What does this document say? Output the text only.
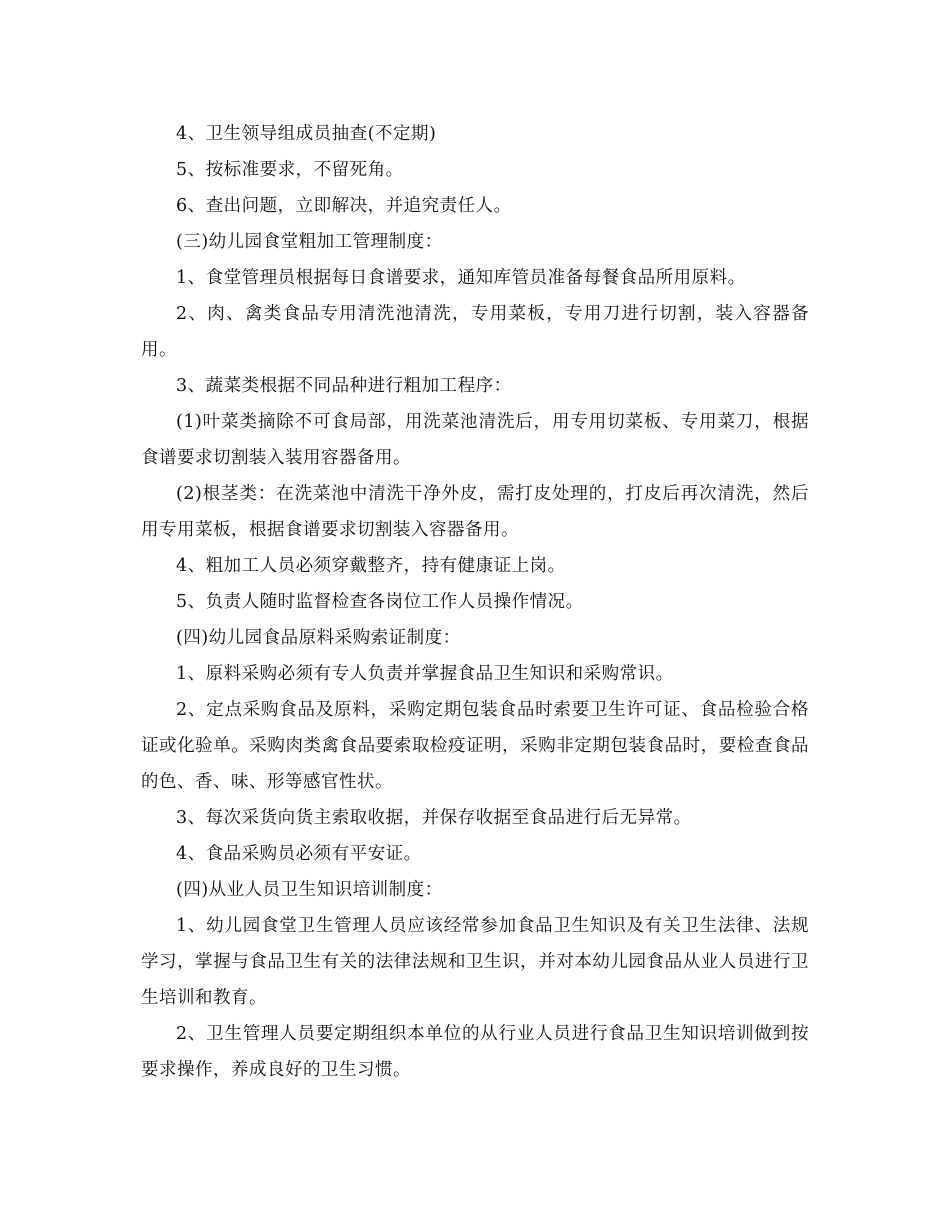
4、卫生领导组成员抽查(不定期)

5、按标准要求，不留死角。

6、查出问题，立即解决，并追究责任人。

(三)幼儿园食堂粗加工管理制度：

1、食堂管理员根据每日食谱要求，通知库管员准备每餐食品所用原料。

2、肉、禽类食品专用清洗池清洗，专用菜板，专用刀进行切割，装入容器备用。

3、蔬菜类根据不同品种进行粗加工程序：

(1)叶菜类摘除不可食局部，用洗菜池清洗后，用专用切菜板、专用菜刀，根据食谱要求切割装入装用容器备用。

(2)根茎类：在洗菜池中清洗干净外皮，需打皮处理的，打皮后再次清洗，然后用专用菜板，根据食谱要求切割装入容器备用。

4、粗加工人员必须穿戴整齐，持有健康证上岗。

5、负责人随时监督检查各岗位工作人员操作情况。

(四)幼儿园食品原料采购索证制度：

1、原料采购必须有专人负责并掌握食品卫生知识和采购常识。

2、定点采购食品及原料，采购定期包装食品时索要卫生许可证、食品检验合格证或化验单。采购肉类禽食品要索取检疫证明，采购非定期包装食品时，要检查食品的色、香、味、形等感官性状。

3、每次采货向货主索取收据，并保存收据至食品进行后无异常。

4、食品采购员必须有平安证。

(四)从业人员卫生知识培训制度：

1、幼儿园食堂卫生管理人员应该经常参加食品卫生知识及有关卫生法律、法规学习，掌握与食品卫生有关的法律法规和卫生识，并对本幼儿园食品从业人员进行卫生培训和教育。

2、卫生管理人员要定期组织本单位的从行业人员进行食品卫生知识培训做到按要求操作，养成良好的卫生习惯。
